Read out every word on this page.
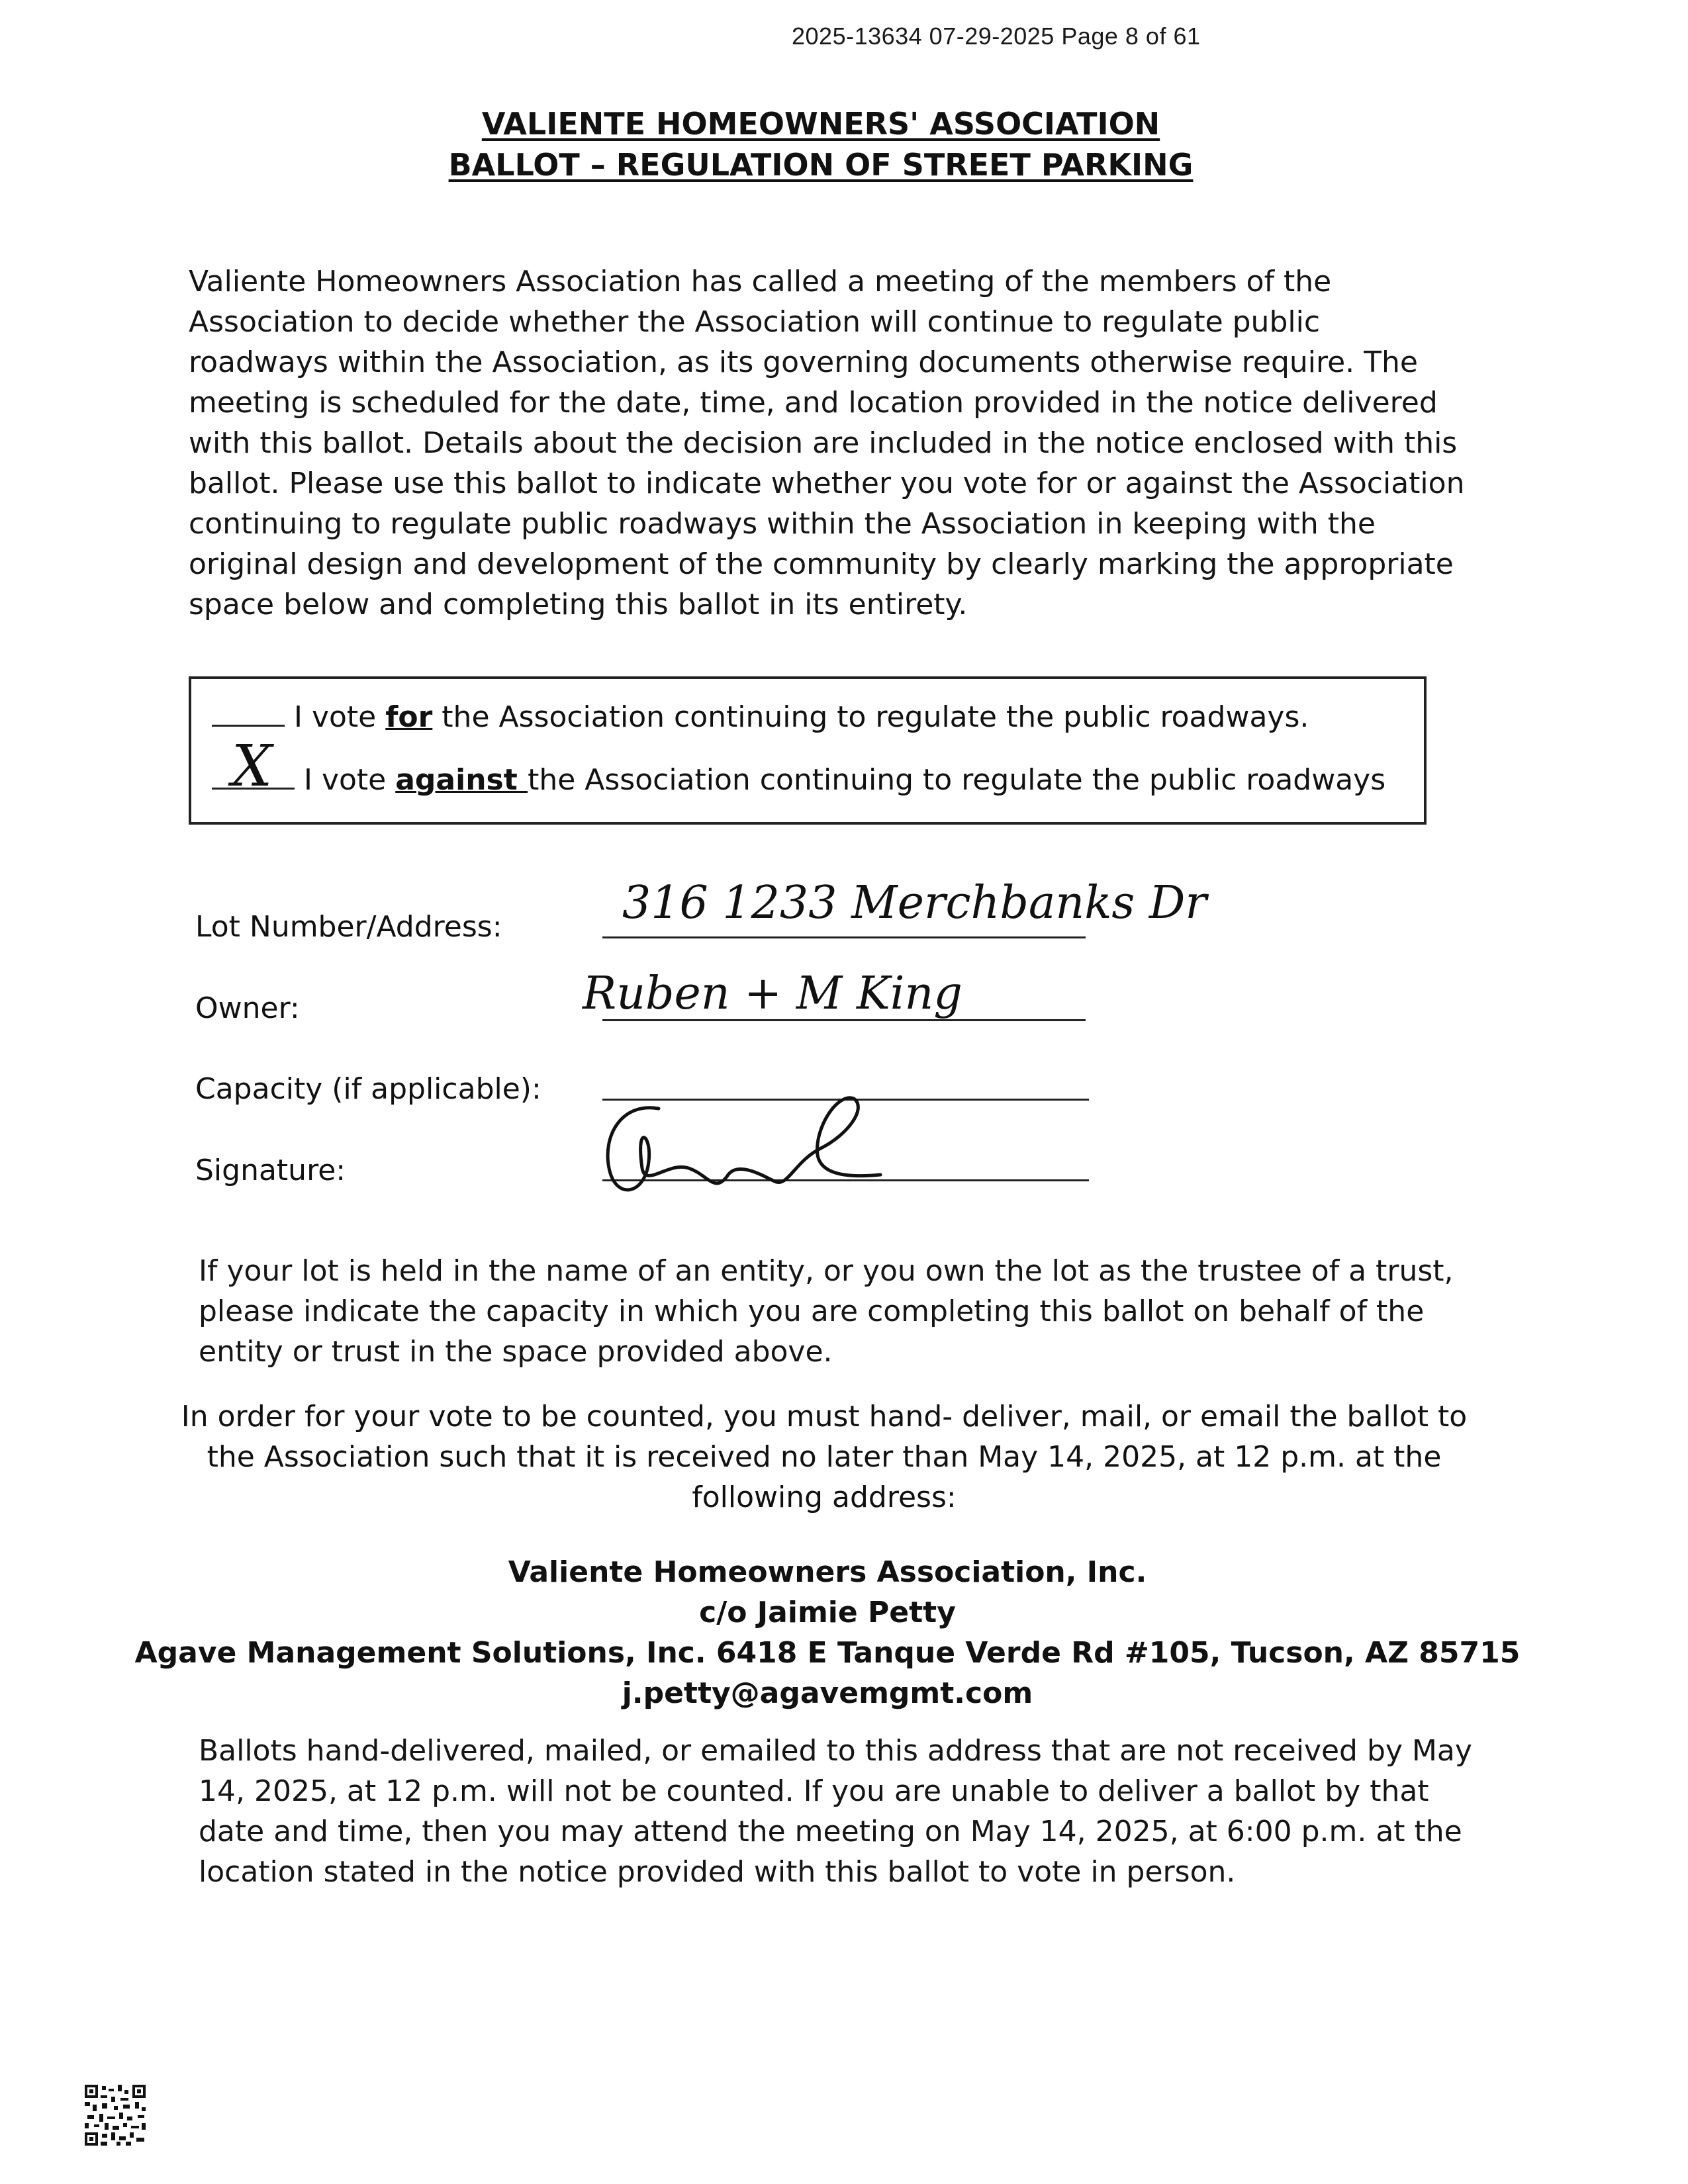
2025-13634 07-29-2025 Page 8 of 61
VALIENTE HOMEOWNERS' ASSOCIATION
BALLOT – REGULATION OF STREET PARKING

Valiente Homeowners Association has called a meeting of the members of the

Association to decide whether the Association will continue to regulate public

roadways within the Association, as its governing documents otherwise require. The

meeting is scheduled for the date, time, and location provided in the notice delivered

with this ballot. Details about the decision are included in the notice enclosed with this

ballot. Please use this ballot to indicate whether you vote for or against the Association

continuing to regulate public roadways within the Association in keeping with the

original design and development of the community by clearly marking the appropriate

space below and completing this ballot in its entirety.

I vote for the Association continuing to regulate the public roadways.
X I vote against the Association continuing to regulate the public roadways
Lot Number/Address:	316 1233 Merchbanks Dr
Owner:	Ruben + M King
Capacity (if applicable):
Signature:

If your lot is held in the name of an entity, or you own the lot as the trustee of a trust,

please indicate the capacity in which you are completing this ballot on behalf of the

entity or trust in the space provided above.

In order for your vote to be counted, you must hand- deliver, mail, or email the ballot to

the Association such that it is received no later than May 14, 2025, at 12 p.m. at the

following address:

Valiente Homeowners Association, Inc.

c/o Jaimie Petty

Agave Management Solutions, Inc. 6418 E Tanque Verde Rd #105, Tucson, AZ 85715

j.petty@agavemgmt.com

Ballots hand-delivered, mailed, or emailed to this address that are not received by May

14, 2025, at 12 p.m. will not be counted. If you are unable to deliver a ballot by that

date and time, then you may attend the meeting on May 14, 2025, at 6:00 p.m. at the

location stated in the notice provided with this ballot to vote in person.
